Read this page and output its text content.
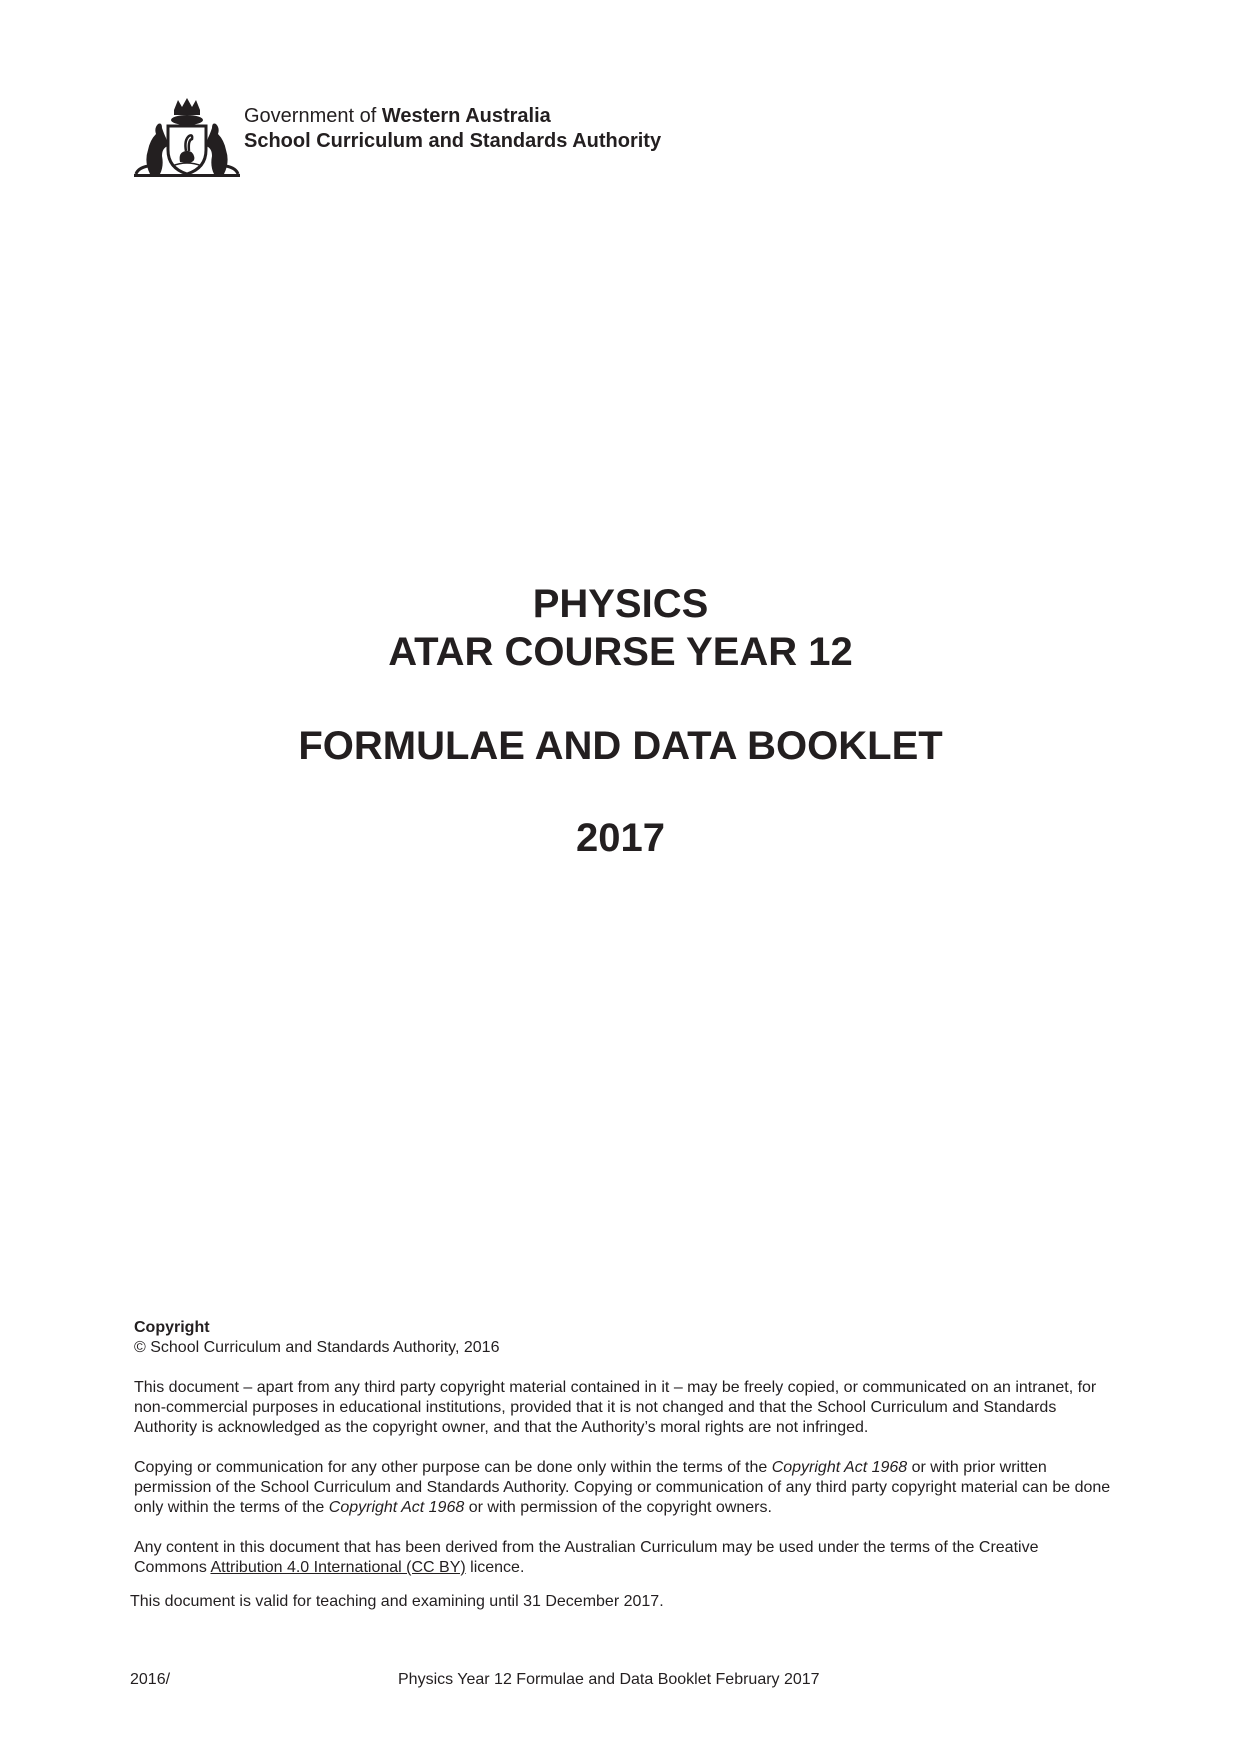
Government of Western Australia
School Curriculum and Standards Authority
PHYSICS
ATAR COURSE YEAR 12
FORMULAE AND DATA BOOKLET
2017
Copyright

© School Curriculum and Standards Authority, 2016

This document – apart from any third party copyright material contained in it – may be freely copied, or communicated on an intranet, for non-commercial purposes in educational institutions, provided that it is not changed and that the School Curriculum and Standards Authority is acknowledged as the copyright owner, and that the Authority’s moral rights are not infringed.

Copying or communication for any other purpose can be done only within the terms of the Copyright Act 1968 or with prior written permission of the School Curriculum and Standards Authority. Copying or communication of any third party copyright material can be done only within the terms of the Copyright Act 1968 or with permission of the copyright owners.

Any content in this document that has been derived from the Australian Curriculum may be used under the terms of the Creative Commons Attribution 4.0 International (CC BY) licence.

This document is valid for teaching and examining until 31 December 2017.
2016/	Physics Year 12 Formulae and Data Booklet February 2017
